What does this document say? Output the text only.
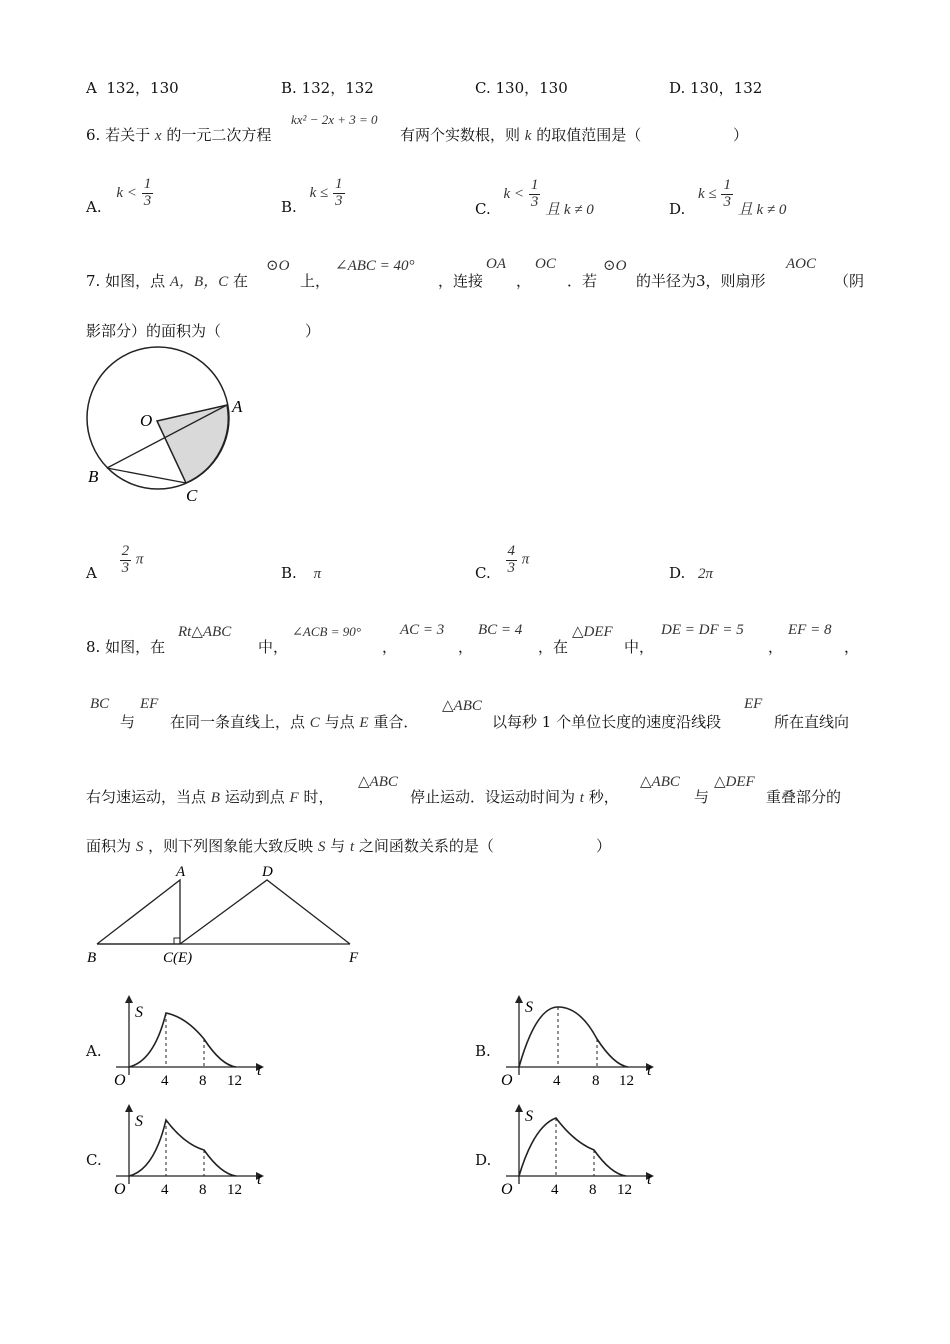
A 132，130	B. 132，132	C. 130，130	D. 130，132
6. 若关于 x 的一元二次方程
kx² − 2x + 3 = 0
有两个实数根，则 k 的取值范围是（	）
A. $k < \frac{1}{3}$	B. $k \le \frac{1}{3}$	C. $k < \frac{1}{3}$ 且 k ≠ 0	D. $k \le \frac{1}{3}$ 且 k ≠ 0
7. 如图，点 A，B，C 在
⊙O
上，
∠ABC = 40°
，连接
OA
，
OC
．若
⊙O
的半径为3，则扇形
AOC
（阴
影部分）的面积为（	）
O
A
B
C
A $\frac{2}{3}$ π
B. π	C. $\frac{4}{3}$ π
D. 2π
8. 如图，在
Rt△ABC
中，
∠ACB = 90°
，
AC = 3
，
BC = 4
，在
△DEF
中，
DE = DF = 5
，
EF = 8
，
BC
与
EF
在同一条直线上，点 C 与点 E 重合．
△ABC
以每秒 1 个单位长度的速度沿线段
EF
所在直线向
右匀速运动，当点 B 运动到点 F 时，
△ABC
停止运动．设运动时间为 t 秒，
△ABC
与
△DEF
重叠部分的
面积为 S ，则下列图象能大致反映 S 与 t 之间函数关系的是（	）
A	D
B	C(E)	F
A.
S
t
O 4 8 12
B.
S
t
O	4 8 12
C.
S
t
O 4 8 12
D.
S
t
O	4 8 12
